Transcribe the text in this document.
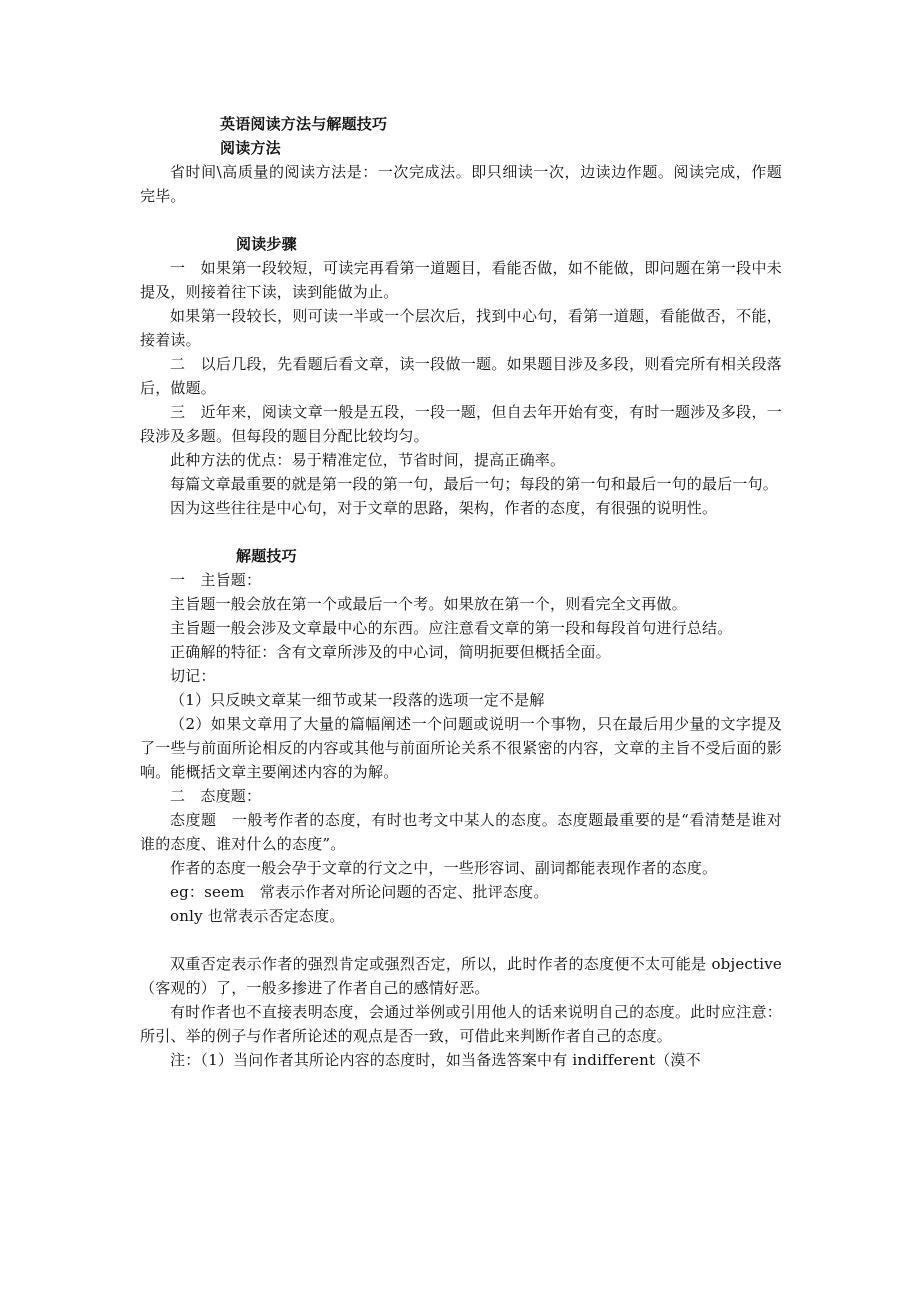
英语阅读方法与解题技巧

阅读方法

省时间\高质量的阅读方法是：一次完成法。即只细读一次，边读边作题。阅读完成，作题完毕。

阅读步骤

一　如果第一段较短，可读完再看第一道题目，看能否做，如不能做，即问题在第一段中未提及，则接着往下读，读到能做为止。

如果第一段较长，则可读一半或一个层次后，找到中心句，看第一道题，看能做否，不能，接着读。

二　以后几段，先看题后看文章，读一段做一题。如果题目涉及多段，则看完所有相关段落后，做题。

三　近年来，阅读文章一般是五段，一段一题，但自去年开始有变，有时一题涉及多段，一段涉及多题。但每段的题目分配比较均匀。

此种方法的优点：易于精准定位，节省时间，提高正确率。

每篇文章最重要的就是第一段的第一句，最后一句；每段的第一句和最后一句的最后一句。

因为这些往往是中心句，对于文章的思路，架构，作者的态度，有很强的说明性。

解题技巧

一　主旨题：

主旨题一般会放在第一个或最后一个考。如果放在第一个，则看完全文再做。

主旨题一般会涉及文章最中心的东西。应注意看文章的第一段和每段首句进行总结。

正确解的特征：含有文章所涉及的中心词，简明扼要但概括全面。

切记：

（1）只反映文章某一细节或某一段落的选项一定不是解

（2）如果文章用了大量的篇幅阐述一个问题或说明一个事物，只在最后用少量的文字提及了一些与前面所论相反的内容或其他与前面所论关系不很紧密的内容，文章的主旨不受后面的影响。能概括文章主要阐述内容的为解。

二　态度题：

态度题　一般考作者的态度，有时也考文中某人的态度。态度题最重要的是“看清楚是谁对谁的态度、谁对什么的态度”。

作者的态度一般会孕于文章的行文之中，一些形容词、副词都能表现作者的态度。

eg：seem　常表示作者对所论问题的否定、批评态度。

only 也常表示否定态度。

双重否定表示作者的强烈肯定或强烈否定，所以，此时作者的态度便不太可能是 objective（客观的）了，一般多掺进了作者自己的感情好恶。

有时作者也不直接表明态度，会通过举例或引用他人的话来说明自己的态度。此时应注意：所引、举的例子与作者所论述的观点是否一致，可借此来判断作者自己的态度。

注：（1）当问作者其所论内容的态度时，如当备选答案中有 indifferent（漠不
